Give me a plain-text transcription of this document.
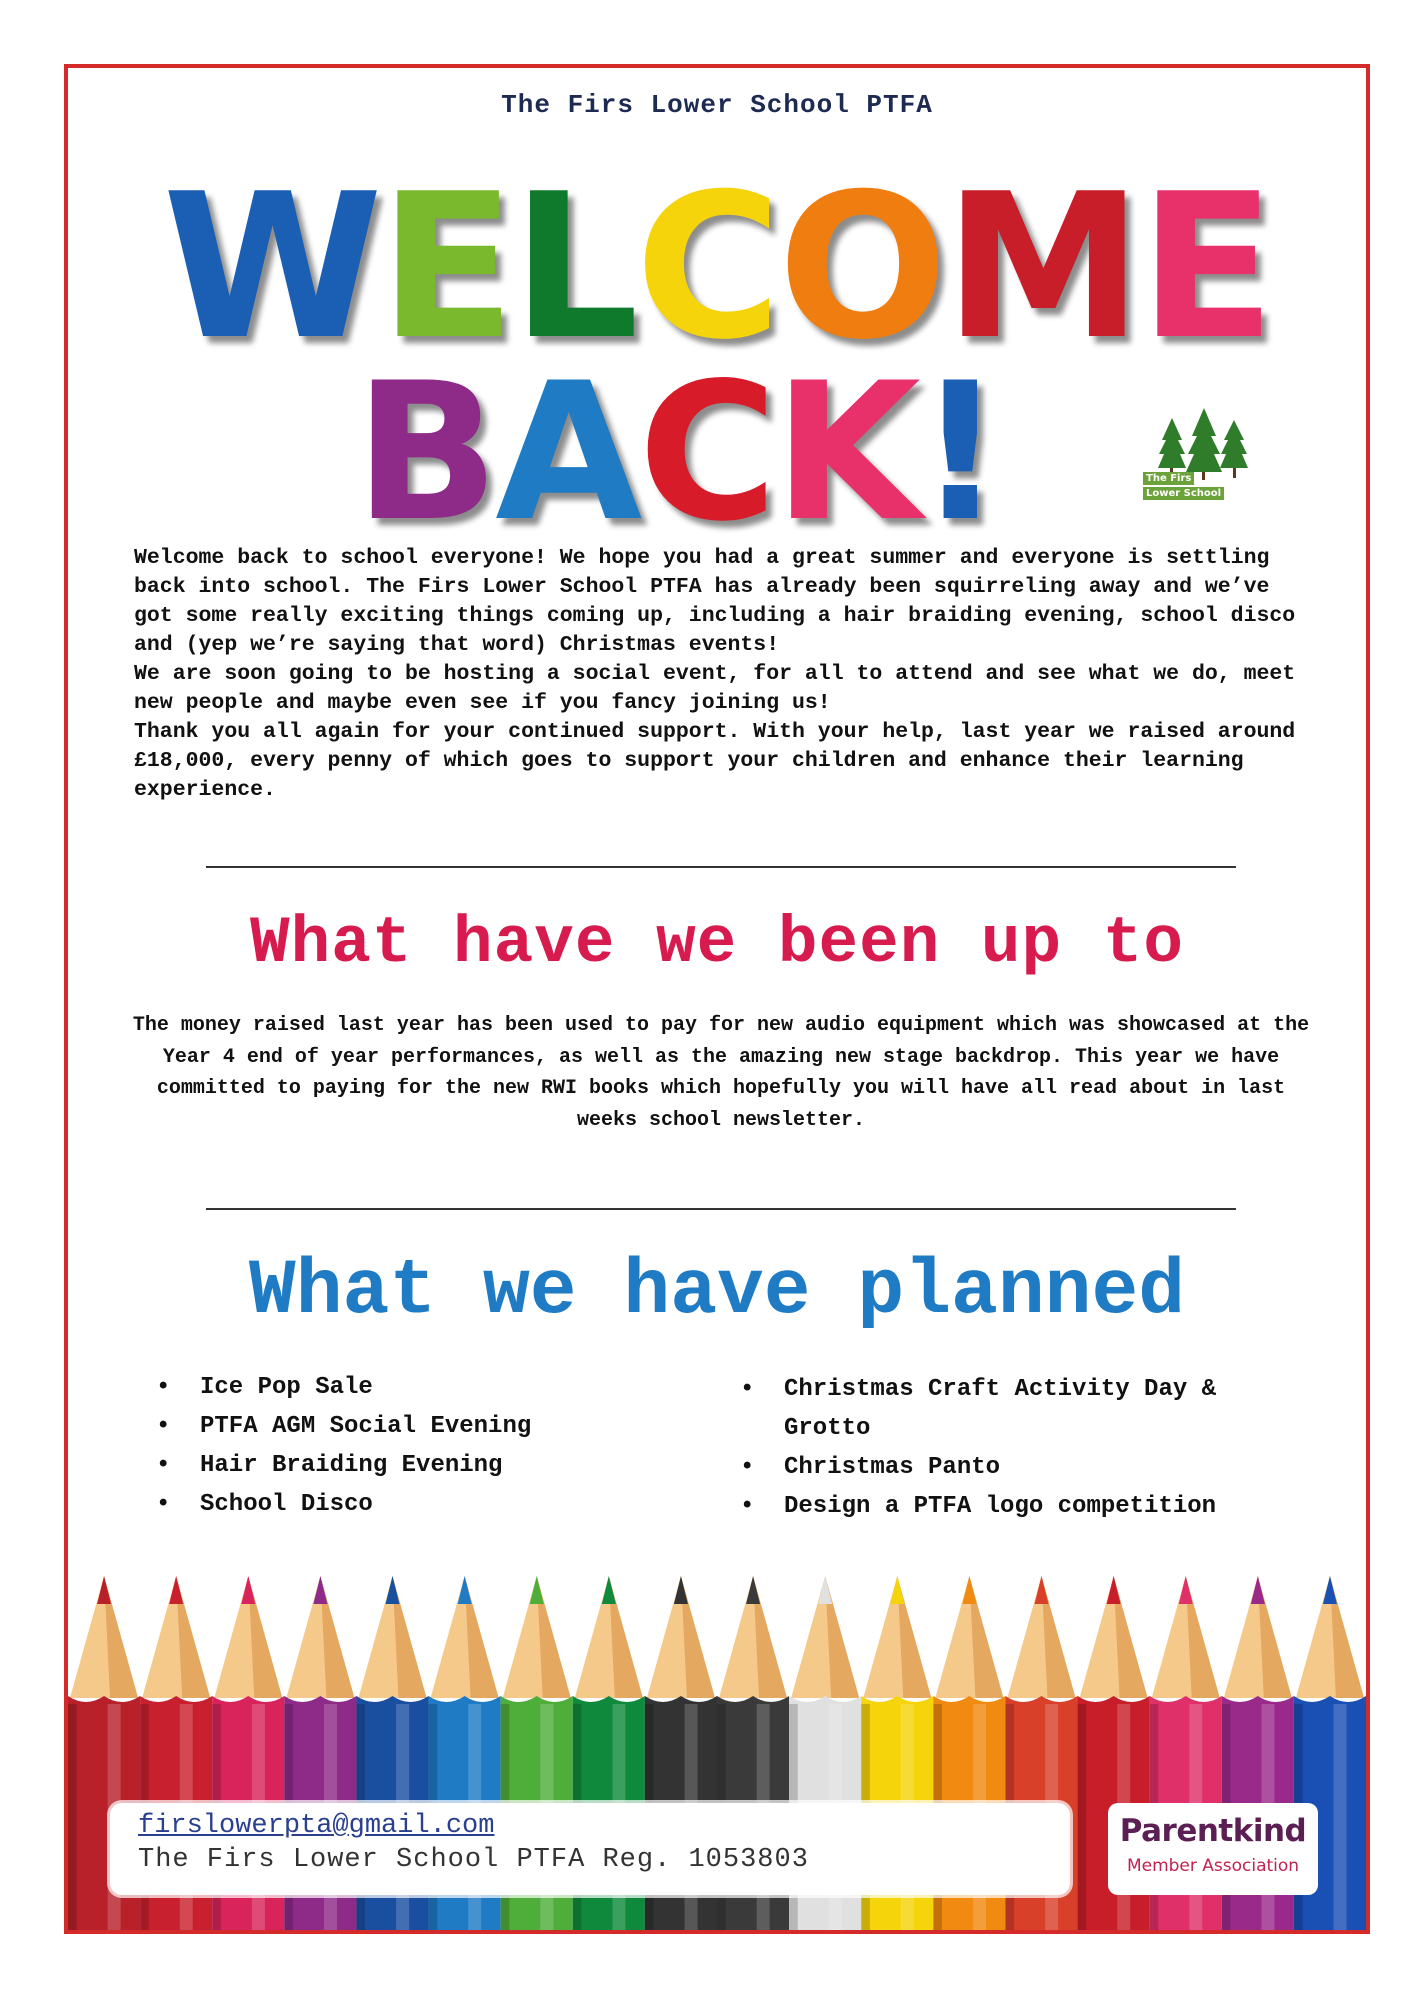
The Firs Lower School PTFA
WELCOME
BACK!	The Firs
Lower School

Welcome back to school everyone! We hope you had a great summer and everyone is settling back into school. The Firs Lower School PTFA has already been squirreling away and we’ve got some really exciting things coming up, including a hair braiding evening, school disco and (yep we’re saying that word) Christmas events!

We are soon going to be hosting a social event, for all to attend and see what we do, meet new people and maybe even see if you fancy joining us!

Thank you all again for your continued support. With your help, last year we raised around £18,000, every penny of which goes to support your children and enhance their learning experience.

What have we been up to
The money raised last year has been used to pay for new audio equipment which was showcased at the Year 4 end of year performances, as well as the amazing new stage backdrop. This year we have committed to paying for the new RWI books which hopefully you will have all read about in last weeks school newsletter.
What we have planned
• Ice Pop Sale
• PTFA AGM Social Evening
• Hair Braiding Evening
• School Disco
• Christmas Craft Activity Day & Grotto
• Christmas Panto
• Design a PTFA logo competition
firslowerpta@gmail.com
The Firs Lower School PTFA Reg. 1053803
Parentkind
Member Association
